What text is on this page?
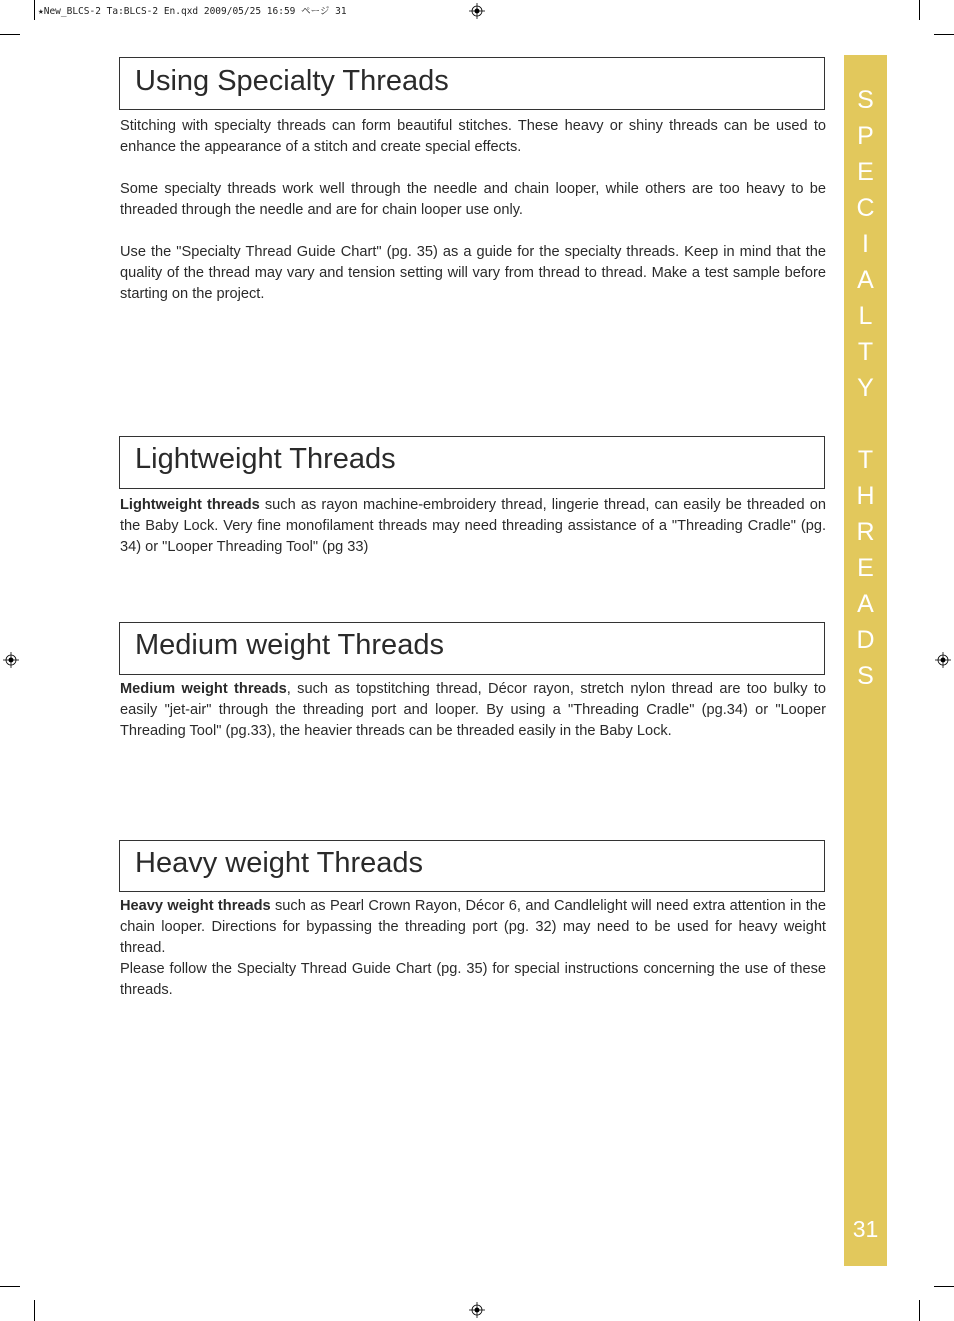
★New_BLCS-2 Ta:BLCS-2 En.qxd 2009/05/25 16:59 ページ 31
Using Specialty Threads

Stitching with specialty threads can form beautiful stitches. These heavy or shiny threads can be used to enhance the appearance of a stitch and create special effects.

Some specialty threads work well through the needle and chain looper, while others are too heavy to be threaded through the needle and are for chain looper use only.

Use the "Specialty Thread Guide Chart" (pg. 35) as a guide for the specialty threads. Keep in mind that the quality of the thread may vary and tension setting will vary from thread to thread. Make a test sample before starting on the project.

Lightweight Threads

Lightweight threads such as rayon machine-embroidery thread, lingerie thread, can easily be threaded on the Baby Lock. Very fine monofilament threads may need threading assistance of a "Threading Cradle" (pg. 34) or "Looper Threading Tool" (pg 33)

Medium weight Threads

Medium weight threads, such as topstitching thread, Décor rayon, stretch nylon thread are too bulky to easily "jet-air" through the threading port and looper. By using a "Threading Cradle" (pg.34) or "Looper Threading Tool" (pg.33), the heavier threads can be threaded easily in the Baby Lock.

Heavy weight Threads

Heavy weight threads such as Pearl Crown Rayon, Décor 6, and Candlelight will need extra attention in the chain looper. Directions for bypassing the threading port (pg. 32) may need to be used for heavy weight thread.

Please follow the Specialty Thread Guide Chart (pg. 35) for special instructions concerning the use of these threads.

S
P
E
C
I
A
L
T
Y
T
H
R
E
A
D
S
31
